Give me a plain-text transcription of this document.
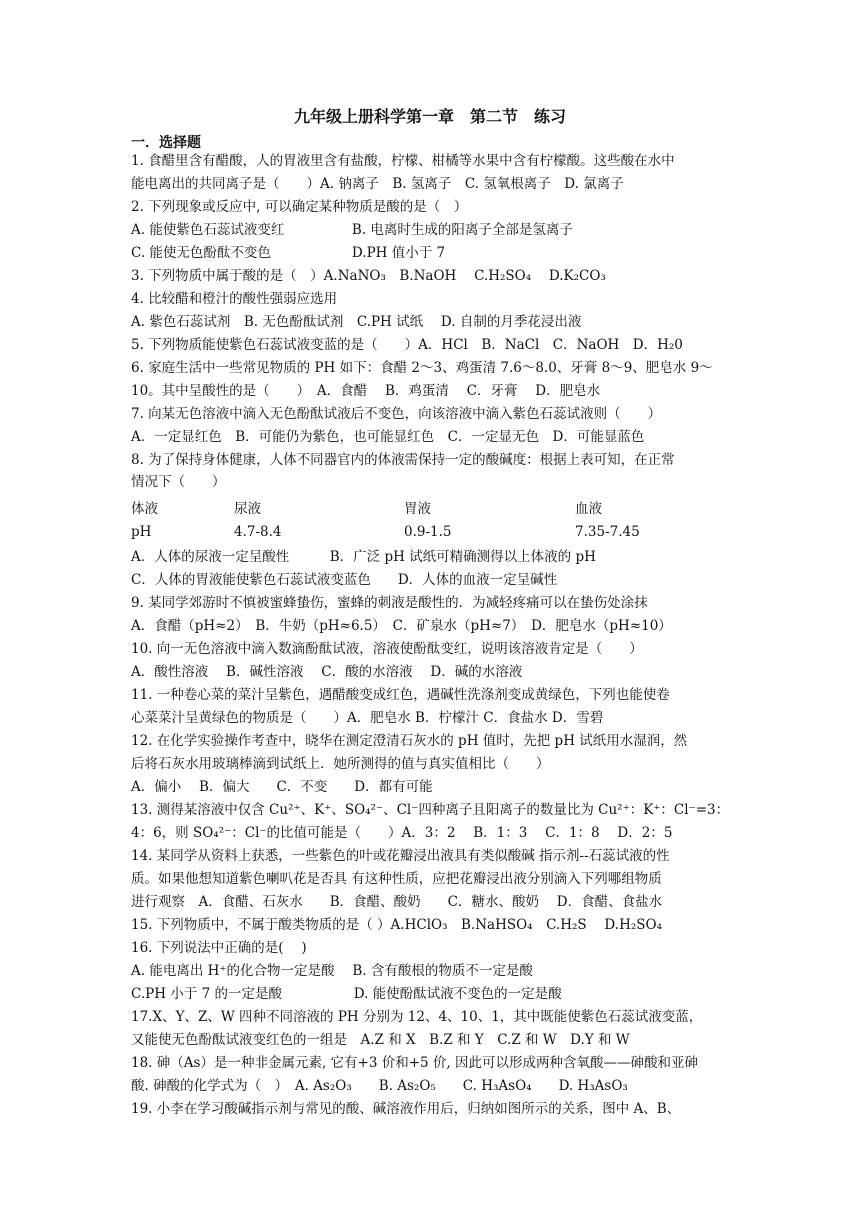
九年级上册科学第一章　第二节　练习
一．选择题
1. 食醋里含有醋酸，人的胃液里含有盐酸，柠檬、柑橘等水果中含有柠檬酸。这些酸在水中
能电离出的共同离子是（　　）A. 钠离子　B. 氢离子　C. 氢氧根离子　D. 氯离子
2. 下列现象或反应中, 可以确定某种物质是酸的是（　）
A. 能使紫色石蕊试液变红　　　　　B. 电离时生成的阳离子全部是氢离子
C. 能使无色酚酞不变色　　　　　　D.PH 值小于 7
3. 下列物质中属于酸的是（　）A.NaNO₃　B.NaOH　 C.H₂SO₄　 D.K₂CO₃
4. 比较醋和橙汁的酸性强弱应选用
A. 紫色石蕊试剂　B. 无色酚酞试剂　C.PH 试纸　 D. 自制的月季花浸出液
5. 下列物质能使紫色石蕊试液变蓝的是（　　）A．HCl　B．NaCl　C．NaOH　D．H₂0
6. 家庭生活中一些常见物质的 PH 如下：食醋 2～3、鸡蛋清 7.6～8.0、牙膏 8～9、肥皂水 9～
10。其中呈酸性的是（　　）　A．食醋　 B．鸡蛋清　 C．牙膏　 D．肥皂水
7. 向某无色溶液中滴入无色酚酞试液后不变色，向该溶液中滴入紫色石蕊试液则（　　）
A．一定显红色　B．可能仍为紫色，也可能显红色　C．一定显无色　D．可能显蓝色
8. 为了保持身体健康，人体不同器官内的体液需保持一定的酸碱度：根据上表可知，在正常
情况下（　　）
体液	尿液	胃液	血液
pH	4.7-8.4	0.9-1.5	7.35-7.45
A．人体的尿液一定呈酸性　　　B．广泛 pH 试纸可精确测得以上体液的 pH
C．人体的胃液能使紫色石蕊试液变蓝色　　D．人体的血液一定呈碱性
9. 某同学郊游时不慎被蜜蜂蛰伤，蜜蜂的刺液是酸性的．为减轻疼痛可以在蛰伤处涂抹
A．食醋（pH≈2）　B．牛奶（pH≈6.5）　C．矿泉水（pH≈7）　D．肥皂水（pH≈10）
10. 向一无色溶液中滴入数滴酚酞试液，溶液使酚酞变红，说明该溶液肯定是（　　）
A．酸性溶液　 B．碱性溶液　 C．酸的水溶液　 D．碱的水溶液
11. 一种卷心菜的菜汁呈紫色，遇醋酸变成红色，遇碱性洗涤剂变成黄绿色，下列也能使卷
心菜菜汁呈黄绿色的物质是（　　）A．肥皂水 B．柠檬汁 C．食盐水 D．雪碧
12. 在化学实验操作考查中，晓华在测定澄清石灰水的 pH 值时，先把 pH 试纸用水湿润，然
后将石灰水用玻璃棒滴到试纸上．她所测得的值与真实值相比（　　）
A．偏小　 B．偏大　　C．不变　　D．都有可能
13. 测得某溶液中仅含 Cu²⁺、K⁺、SO₄²⁻、Cl⁻四种离子且阳离子的数量比为 Cu²⁺：K⁺：Cl⁻=3：
4：6，则 SO₄²⁻：Cl⁻的比值可能是（　　）A．3：2　 B．1：3　 C．1：8　 D．2：5
14. 某同学从资料上获悉，一些紫色的叶或花瓣浸出液具有类似酸碱 指示剂--石蕊试液的性
质。如果他想知道紫色喇叭花是否具 有这种性质，应把花瓣浸出液分别滴入下列哪组物质
进行观察　A．食醋、石灰水　　B．食醋、酸奶　　C．糖水、酸奶　 D．食醋、食盐水
15. 下列物质中，不属于酸类物质的是（ ）A.HClO₃　B.NaHSO₄　C.H₂S　 D.H₂SO₄
16. 下列说法中正确的是(　 )
A. 能电离出 H⁺的化合物一定是酸　 B. 含有酸根的物质不一定是酸
C.PH 小于 7 的一定是酸　　　　　 D. 能使酚酞试液不变色的一定是酸
17.X、Y、Z、W 四种不同溶液的 PH 分别为 12、4、10、1，其中既能使紫色石蕊试液变蓝，
又能使无色酚酞试液变红色的一组是　A.Z 和 X　B.Z 和 Y　C.Z 和 W　D.Y 和 W
18. 砷（As）是一种非金属元素, 它有+3 价和+5 价, 因此可以形成两种含氧酸——砷酸和亚砷
酸. 砷酸的化学式为（　）　A. As₂O₃　　B. As₂O₅　　C. H₃AsO₄　　D. H₃AsO₃
19. 小李在学习酸碱指示剂与常见的酸、碱溶液作用后，归纳如图所示的关系，图中 A、B、
